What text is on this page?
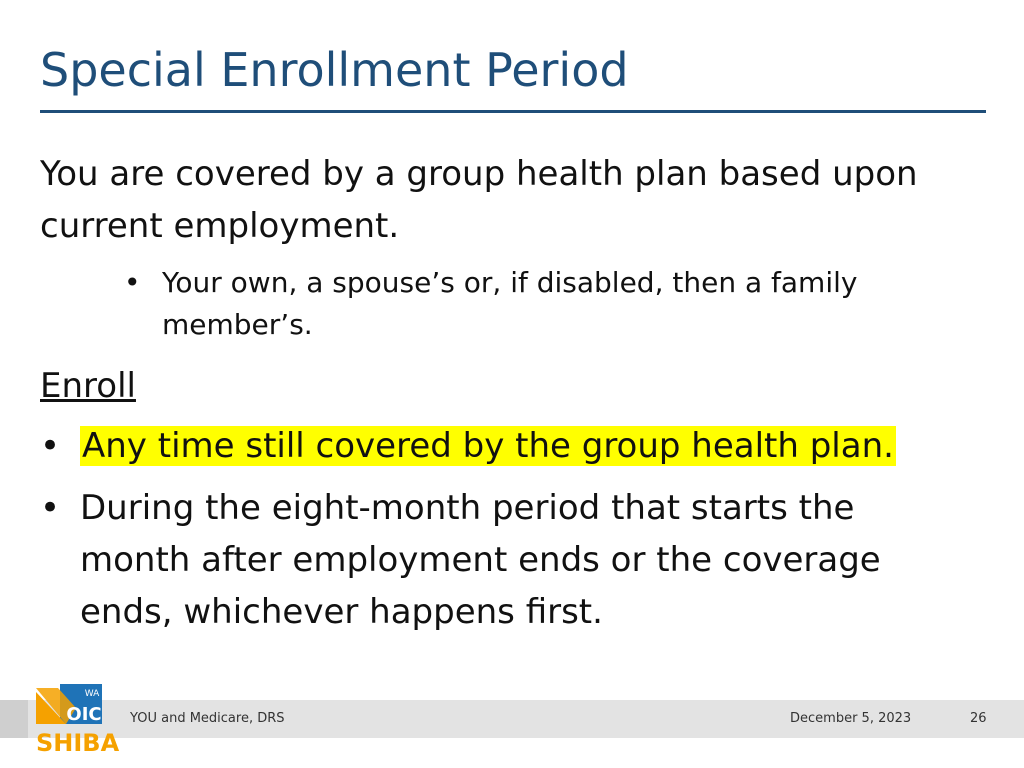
Special Enrollment Period

You are covered by a group health plan based upon current employment.

• Your own, a spouse’s or, if disabled, then a family member’s.
Enroll
• Any time still covered by the group health plan.
• During the eight-month period that starts the month after employment ends or the coverage ends, whichever happens first.
YOU and Medicare, DRS	December 5, 2023	26
WA
OIC
SHIBA
